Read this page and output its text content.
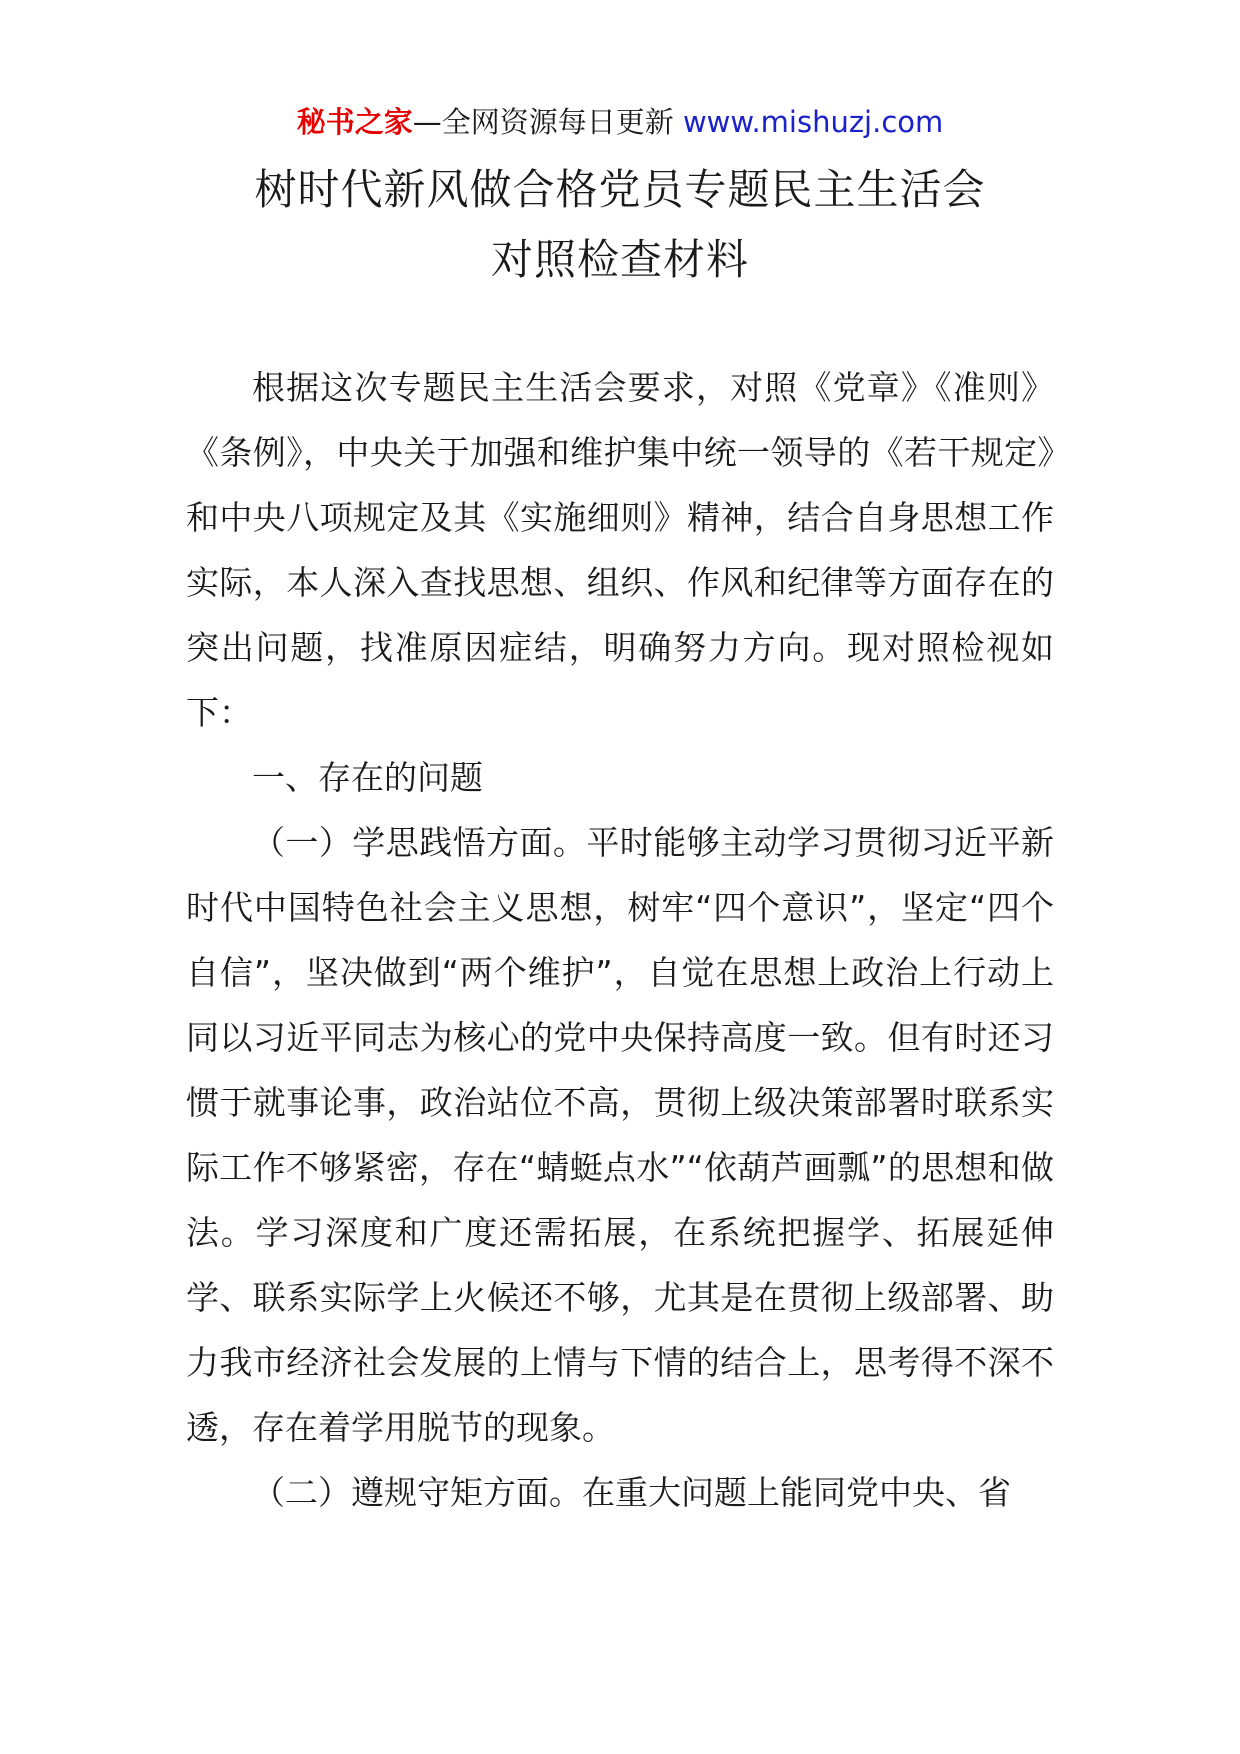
秘书之家—全网资源每日更新 www.mishuzj.com
树时代新风做合格党员专题民主生活会
对照检查材料

根据这次专题民主生活会要求，对照《党章》《准则》《条例》，中央关于加强和维护集中统一领导的《若干规定》和中央八项规定及其《实施细则》精神，结合自身思想工作实际，本人深入查找思想、组织、作风和纪律等方面存在的突出问题，找准原因症结，明确努力方向。现对照检视如下：

一、存在的问题

（一）学思践悟方面。平时能够主动学习贯彻习近平新时代中国特色社会主义思想，树牢“四个意识”，坚定“四个自信”，坚决做到“两个维护”，自觉在思想上政治上行动上同以习近平同志为核心的党中央保持高度一致。但有时还习惯于就事论事，政治站位不高，贯彻上级决策部署时联系实际工作不够紧密，存在“蜻蜓点水”“依葫芦画瓢”的思想和做法。学习深度和广度还需拓展，在系统把握学、拓展延伸学、联系实际学上火候还不够，尤其是在贯彻上级部署、助力我市经济社会发展的上情与下情的结合上，思考得不深不透，存在着学用脱节的现象。

（二）遵规守矩方面。在重大问题上能同党中央、省
